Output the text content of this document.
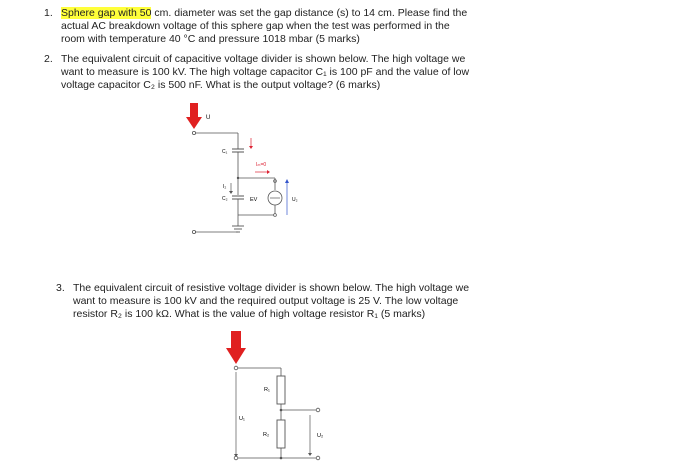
1. Sphere gap with 50 cm. diameter was set the gap distance (s) to 14 cm. Please find the
actual AC breakdown voltage of this sphere gap when the test was performed in the
room with temperature 40 °C and pressure 1018 mbar (5 marks)
2. The equivalent circuit of capacitive voltage divider is shown below. The high voltage we
want to measure is 100 kV. The high voltage capacitor C₁ is 100 pF and the value of low
voltage capacitor C₂ is 500 nF. What is the output voltage? (6 marks)
3. The equivalent circuit of resistive voltage divider is shown below. The high voltage we
want to measure is 100 kV and the required output voltage is 25 V. The low voltage
resistor R₂ is 100 kΩ. What is the value of high voltage resistor R₁ (5 marks)
U
C₁
Iₘ=0
I₂
C₂	EV	U₂
R₁
R₂
U₁
U₂
